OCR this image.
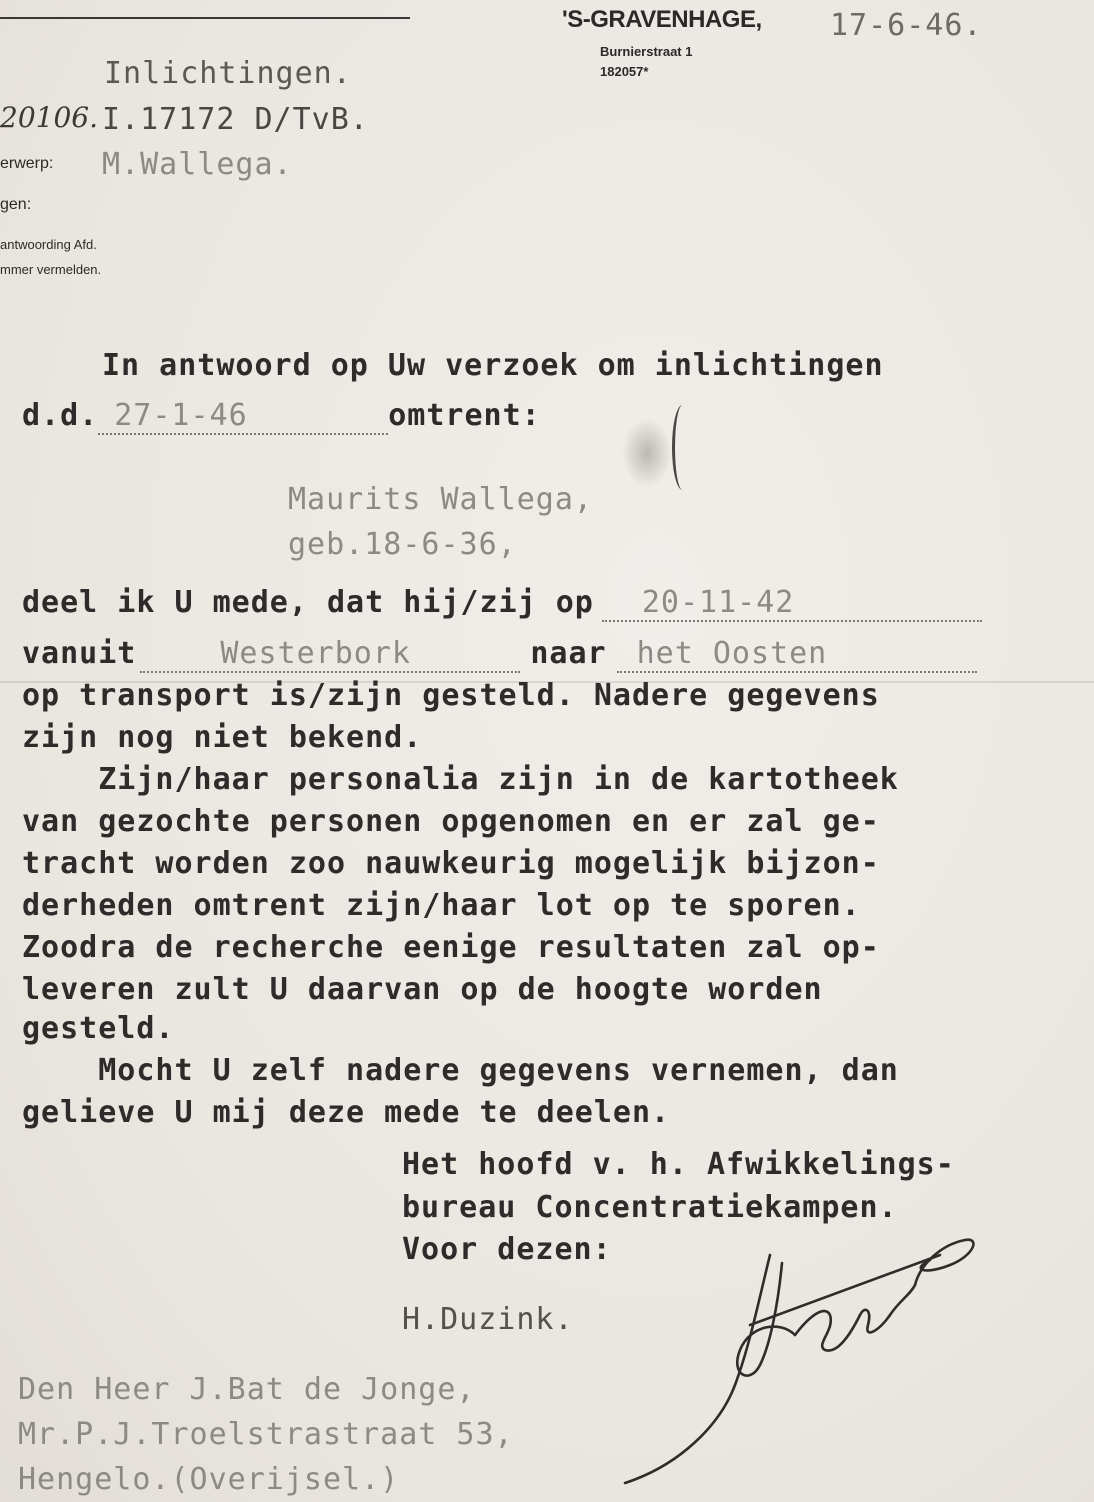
'S-GRAVENHAGE, 17-6-46.
Burnierstraat 1
182057*
Inlichtingen.
20106. I.17172 D/TvB.
erwerp: M.Wallega.
gen:
antwoording Afd.
mmer vermelden.
In antwoord op Uw verzoek om inlichtingen
d.d. 27-1-46	omtrent:
Maurits Wallega,
geb.18-6-36,
deel ik U mede, dat hij/zij op 20-11-42
vanuit	Westerbork	naar het Oosten
op transport is/zijn gesteld. Nadere gegevens
zijn nog niet bekend.
Zijn/haar personalia zijn in de kartotheek
van gezochte personen opgenomen en er zal ge-
tracht worden zoo nauwkeurig mogelijk bijzon-
derheden omtrent zijn/haar lot op te sporen.
Zoodra de recherche eenige resultaten zal op-
leveren zult U daarvan op de hoogte worden
gesteld.
Mocht U zelf nadere gegevens vernemen, dan
gelieve U mij deze mede te deelen.
Het hoofd v. h. Afwikkelings-
bureau Concentratiekampen.
Voor dezen:
H.Duzink.
Den Heer J.Bat de Jonge,
Mr.P.J.Troelstrastraat 53,
Hengelo.(Overijsel.)
